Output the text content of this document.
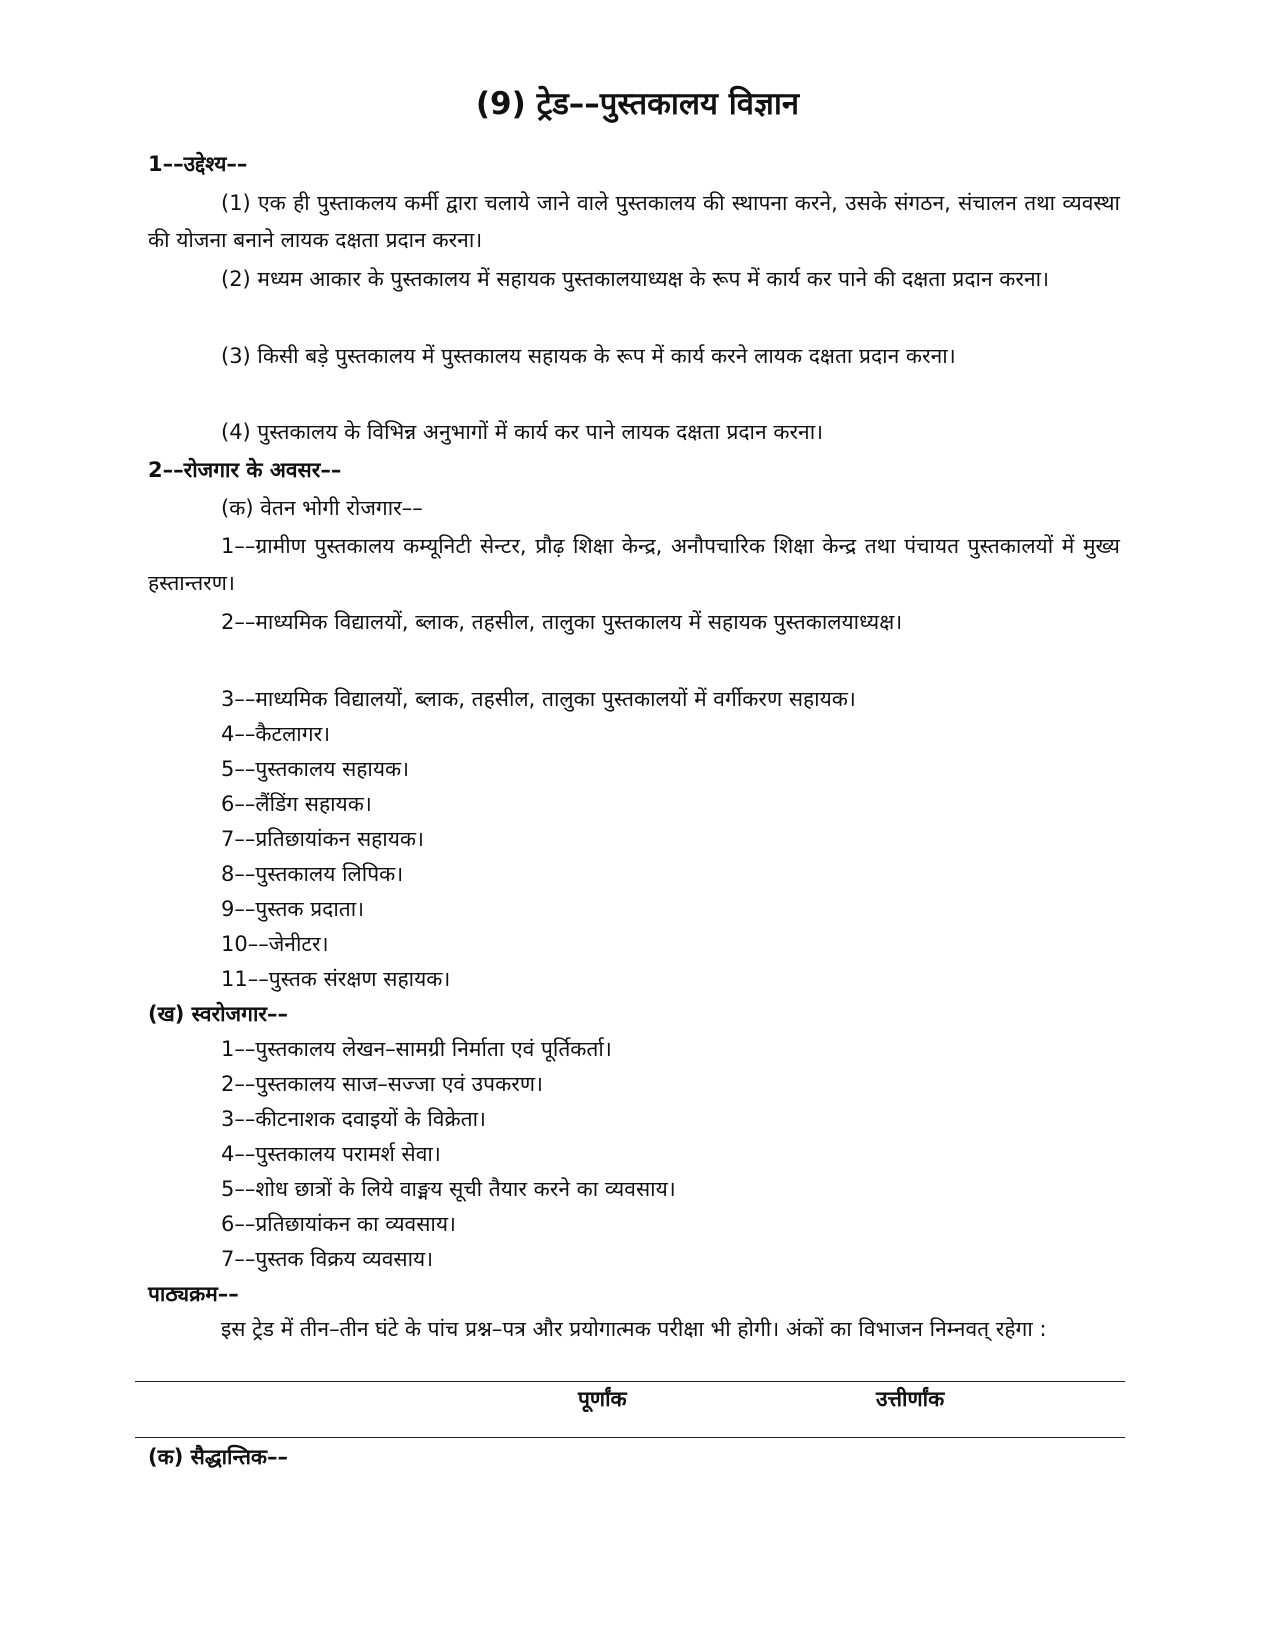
(9) ट्रेड––पुस्तकालय विज्ञान
1––उद्देश्य––

(1) एक ही पुस्ताकलय कर्मी द्वारा चलाये जाने वाले पुस्तकालय की स्थापना करने, उसके संगठन, संचालन तथा व्यवस्था की योजना बनाने लायक दक्षता प्रदान करना।

(2) मध्यम आकार के पुस्तकालय में सहायक पुस्तकालयाध्यक्ष के रूप में कार्य कर पाने की दक्षता प्रदान करना।

(3) किसी बड़े पुस्तकालय में पुस्तकालय सहायक के रूप में कार्य करने लायक दक्षता प्रदान करना।

(4) पुस्तकालय के विभिन्न अनुभागों में कार्य कर पाने लायक दक्षता प्रदान करना।

2––रोजगार के अवसर––
(क) वेतन भोगी रोजगार––

1––ग्रामीण पुस्तकालय कम्यूनिटी सेन्टर, प्रौढ़ शिक्षा केन्द्र, अनौपचारिक शिक्षा केन्द्र तथा पंचायत पुस्तकालयों में मुख्य हस्तान्तरण।

2––माध्यमिक विद्यालयों, ब्लाक, तहसील, तालुका पुस्तकालय में सहायक पुस्तकालयाध्यक्ष।

3––माध्यमिक विद्यालयों, ब्लाक, तहसील, तालुका पुस्तकालयों में वर्गीकरण सहायक।
4––कैटलागर।
5––पुस्तकालय सहायक।
6––लैंडिंग सहायक।
7––प्रतिछायांकन सहायक।
8––पुस्तकालय लिपिक।
9––पुस्तक प्रदाता।
10––जेनीटर।
11––पुस्तक संरक्षण सहायक।
(ख) स्वरोजगार––
1––पुस्तकालय लेखन–सामग्री निर्माता एवं पूर्तिकर्ता।
2––पुस्तकालय साज–सज्जा एवं उपकरण।
3––कीटनाशक दवाइयों के विक्रेता।
4––पुस्तकालय परामर्श सेवा।
5––शोध छात्रों के लिये वाङ्मय सूची तैयार करने का व्यवसाय।
6––प्रतिछायांकन का व्यवसाय।
7––पुस्तक विक्रय व्यवसाय।
पाठ्यक्रम––

इस ट्रेड में तीन–तीन घंटे के पांच प्रश्न–पत्र और प्रयोगात्मक परीक्षा भी होगी। अंकों का विभाजन निम्नवत् रहेगा :

पूर्णांक	उत्तीर्णांक
(क) सैद्धान्तिक––
